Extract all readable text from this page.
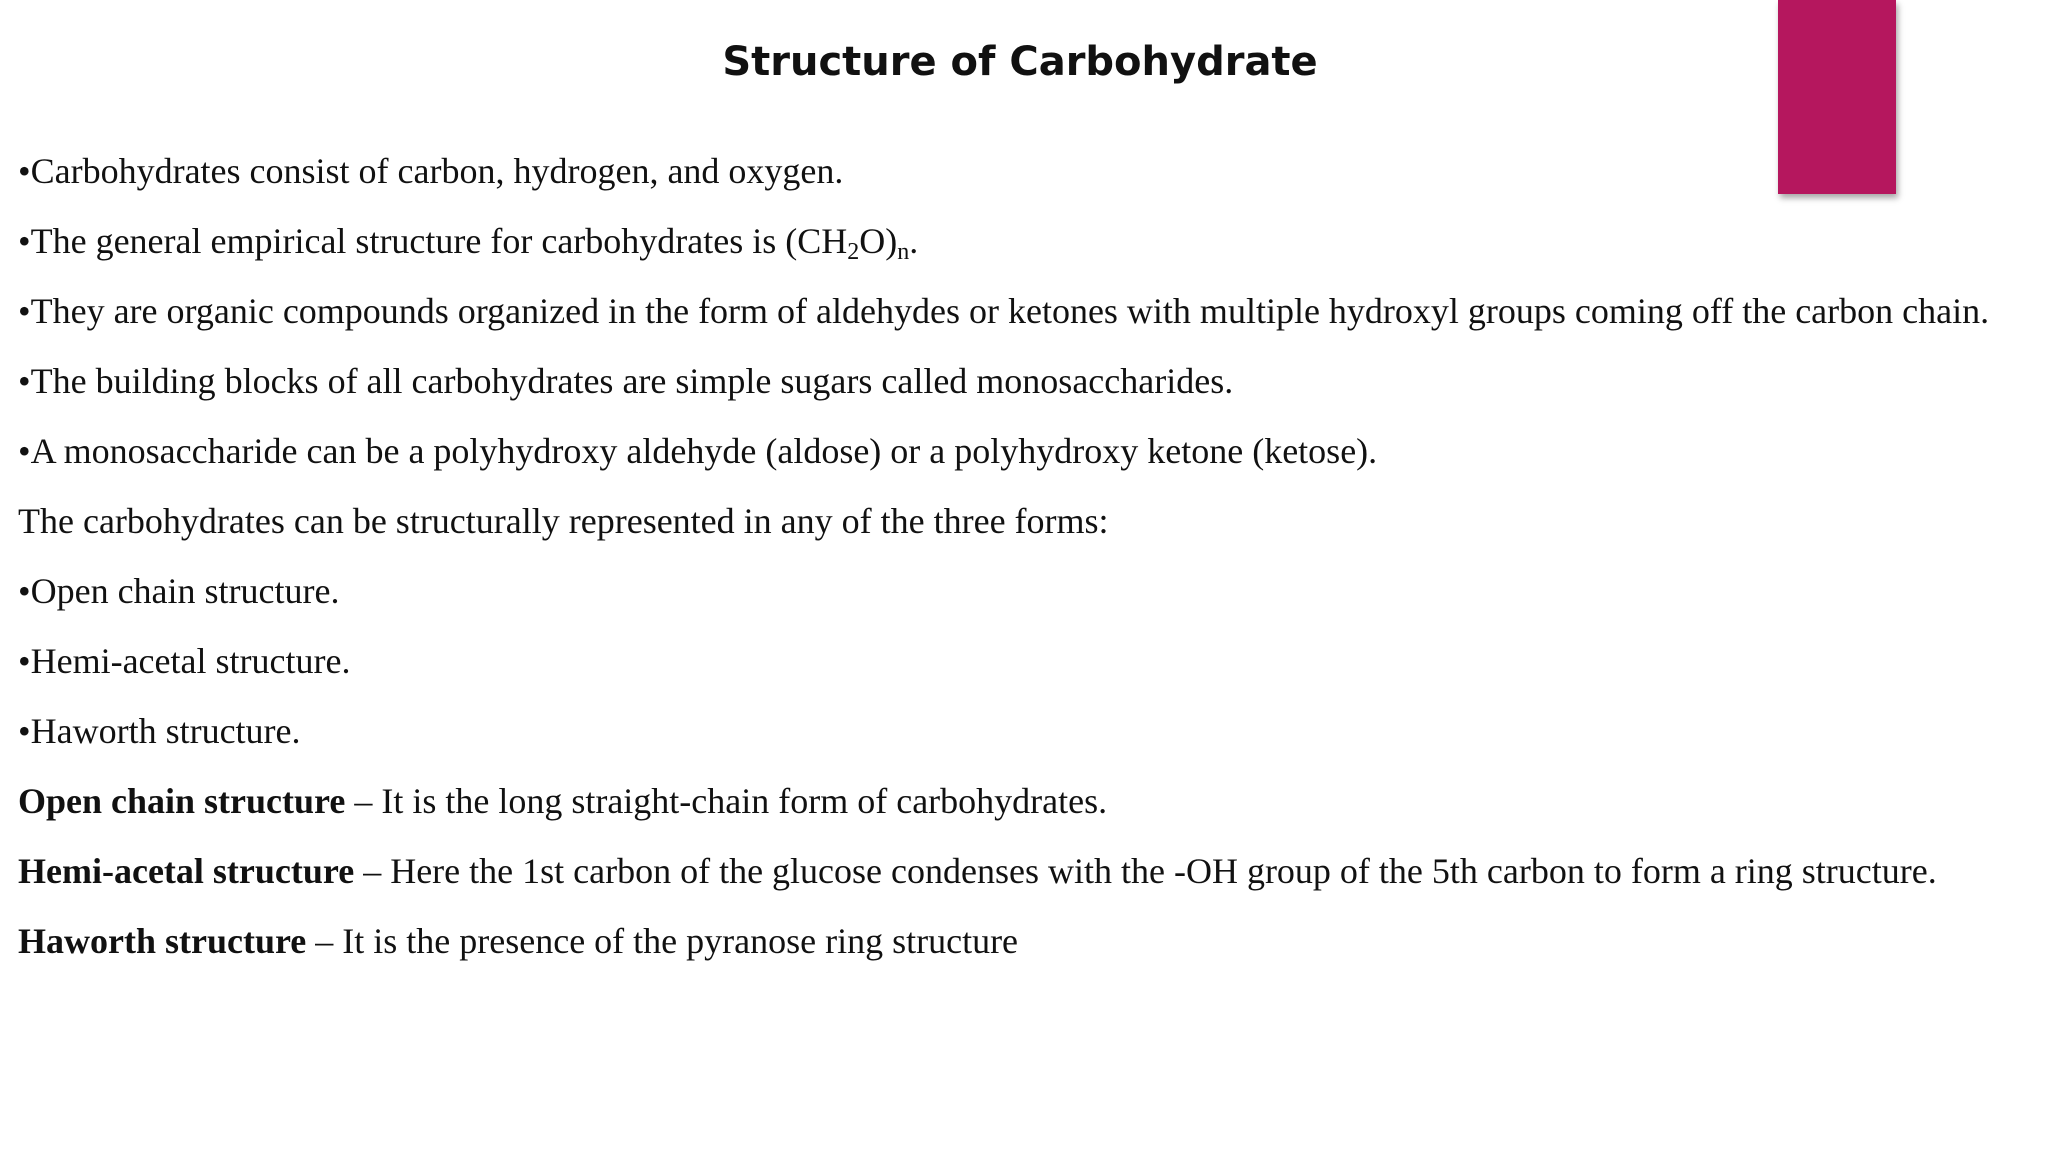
Structure of Carbohydrate

•Carbohydrates consist of carbon, hydrogen, and oxygen.

•The general empirical structure for carbohydrates is $(CH_2O)_n$.

•They are organic compounds organized in the form of aldehydes or ketones with multiple hydroxyl groups coming off the carbon chain.

•The building blocks of all carbohydrates are simple sugars called monosaccharides.

•A monosaccharide can be a polyhydroxy aldehyde (aldose) or a polyhydroxy ketone (ketose).

The carbohydrates can be structurally represented in any of the three forms:

•Open chain structure.

•Hemi-acetal structure.

•Haworth structure.

Open chain structure – It is the long straight-chain form of carbohydrates.

Hemi-acetal structure – Here the 1st carbon of the glucose condenses with the -OH group of the 5th carbon to form a ring structure.

Haworth structure – It is the presence of the pyranose ring structure
